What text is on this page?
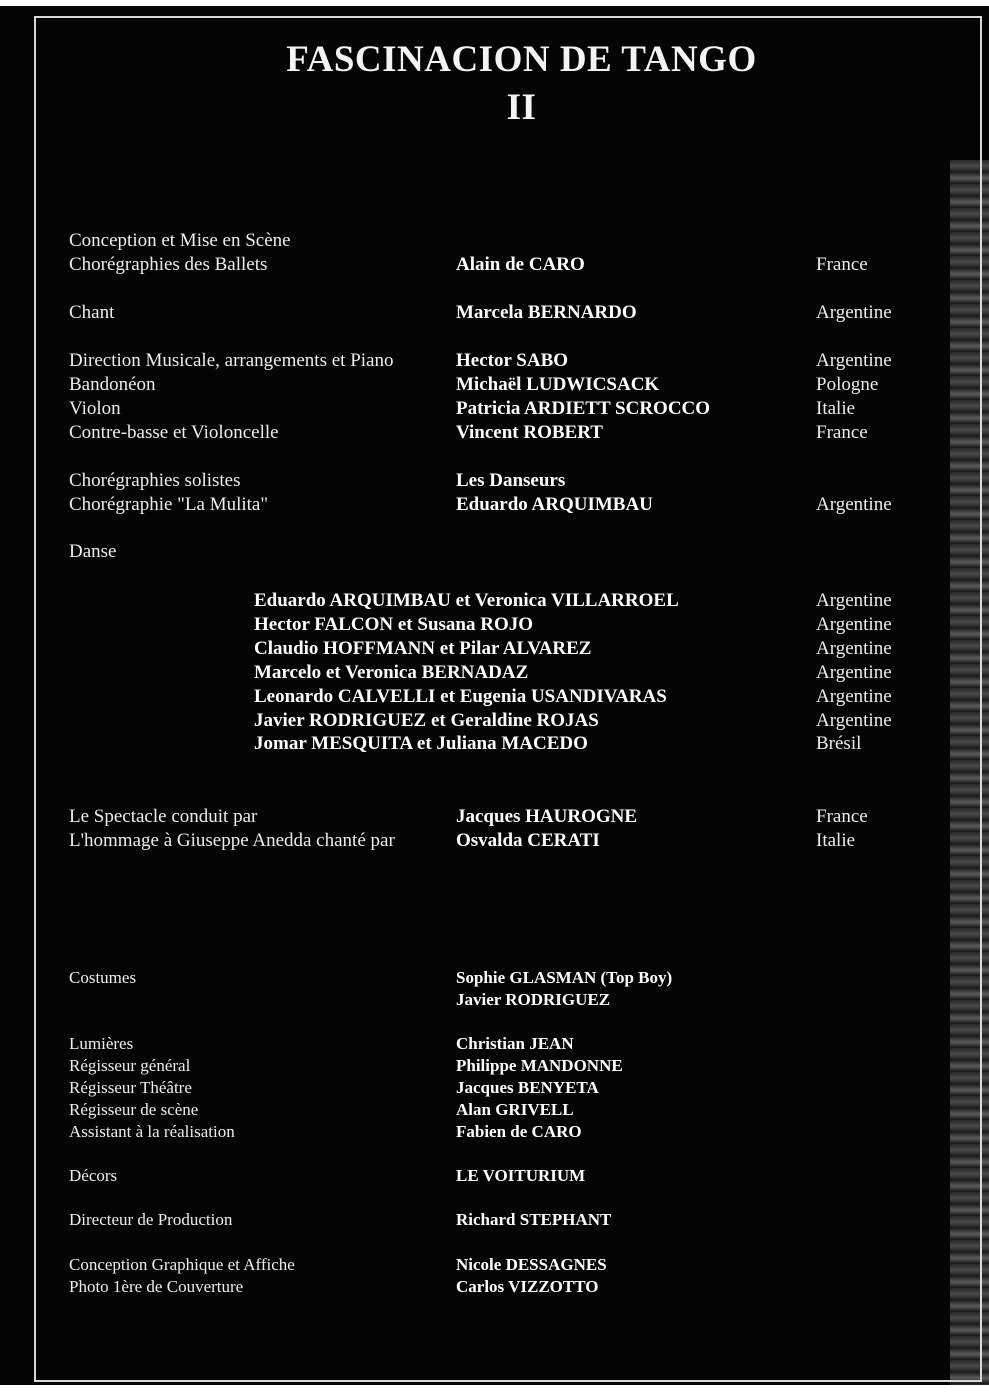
FASCINACION DE TANGO
II
Conception et Mise en Scène
Chorégraphies des Ballets	Alain de CARO	France
Chant	Marcela BERNARDO	Argentine
Direction Musicale, arrangements et Piano	Hector SABO	Argentine
Bandonéon	Michaël LUDWICSACK	Pologne
Violon	Patricia ARDIETT SCROCCO	Italie
Contre-basse et Violoncelle	Vincent ROBERT	France
Chorégraphies solistes	Les Danseurs
Chorégraphie "La Mulita"	Eduardo ARQUIMBAU	Argentine
Danse
Eduardo ARQUIMBAU et Veronica VILLARROEL	Argentine
Hector FALCON et Susana ROJO	Argentine
Claudio HOFFMANN et Pilar ALVAREZ	Argentine
Marcelo et Veronica BERNADAZ	Argentine
Leonardo CALVELLI et Eugenia USANDIVARAS	Argentine
Javier RODRIGUEZ et Geraldine ROJAS	Argentine
Jomar MESQUITA et Juliana MACEDO	Brésil
Le Spectacle conduit par	Jacques HAUROGNE	France
L'hommage à Giuseppe Anedda chanté par	Osvalda CERATI	Italie
Costumes	Sophie GLASMAN (Top Boy)
Javier RODRIGUEZ
Lumières	Christian JEAN
Régisseur général	Philippe MANDONNE
Régisseur Théâtre	Jacques BENYETA
Régisseur de scène	Alan GRIVELL
Assistant à la réalisation	Fabien de CARO
Décors	LE VOITURIUM
Directeur de Production	Richard STEPHANT
Conception Graphique et Affiche	Nicole DESSAGNES
Photo 1ère de Couverture	Carlos VIZZOTTO
